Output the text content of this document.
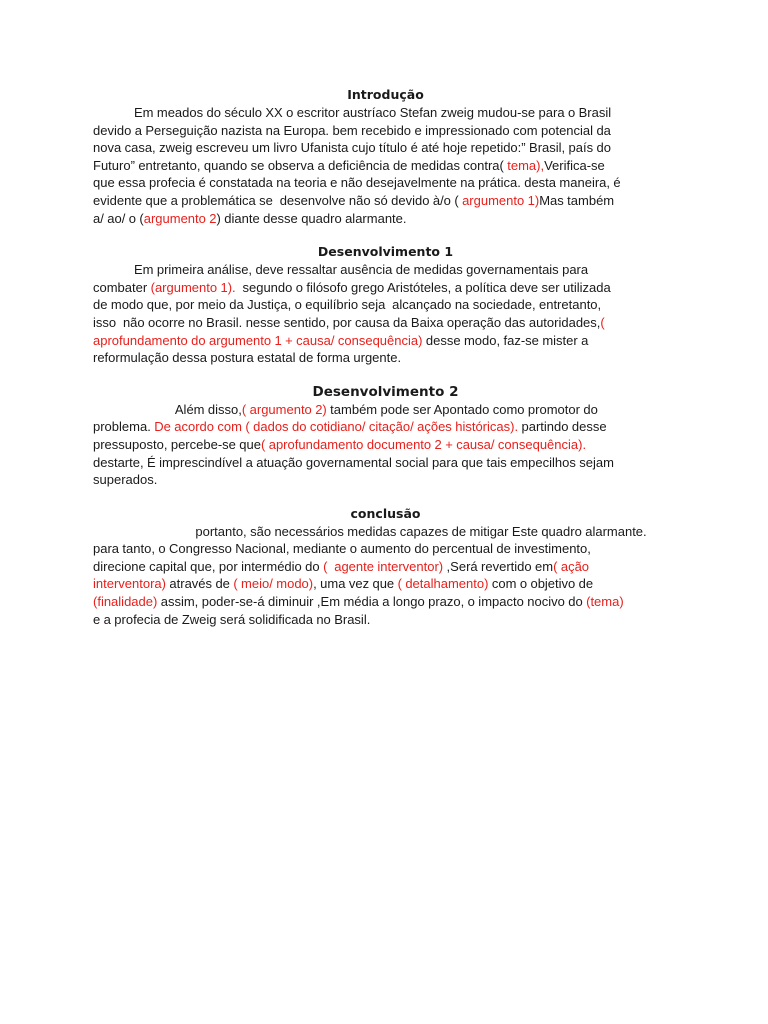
Introdução
Em meados do século XX o escritor austríaco Stefan zweig mudou-se para o Brasil
devido a Perseguição nazista na Europa. bem recebido e impressionado com potencial da
nova casa, zweig escreveu um livro Ufanista cujo título é até hoje repetido:” Brasil, país do
Futuro” entretanto, quando se observa a deficiência de medidas contra( tema),Verifica-se
que essa profecia é constatada na teoria e não desejavelmente na prática. desta maneira, é
evidente que a problemática se  desenvolve não só devido à/o ( argumento 1)Mas também
a/ ao/ o (argumento 2) diante desse quadro alarmante.
Desenvolvimento 1
Em primeira análise, deve ressaltar ausência de medidas governamentais para
combater (argumento 1).  segundo o filósofo grego Aristóteles, a política deve ser utilizada
de modo que, por meio da Justiça, o equilíbrio seja  alcançado na sociedade, entretanto,
isso  não ocorre no Brasil. nesse sentido, por causa da Baixa operação das autoridades,(
aprofundamento do argumento 1 + causa/ consequência) desse modo, faz-se mister a
reformulação dessa postura estatal de forma urgente.
Desenvolvimento 2
Além disso,( argumento 2) também pode ser Apontado como promotor do
problema. De acordo com ( dados do cotidiano/ citação/ ações históricas). partindo desse
pressuposto, percebe-se que( aprofundamento documento 2 + causa/ consequência).
destarte, É imprescindível a atuação governamental social para que tais empecilhos sejam
superados.
conclusão
portanto, são necessários medidas capazes de mitigar Este quadro alarmante.
para tanto, o Congresso Nacional, mediante o aumento do percentual de investimento,
direcione capital que, por intermédio do (  agente interventor) ,Será revertido em( ação
interventora) através de ( meio/ modo), uma vez que ( detalhamento) com o objetivo de
(finalidade) assim, poder-se-á diminuir ,Em média a longo prazo, o impacto nocivo do (tema)
e a profecia de Zweig será solidificada no Brasil.
